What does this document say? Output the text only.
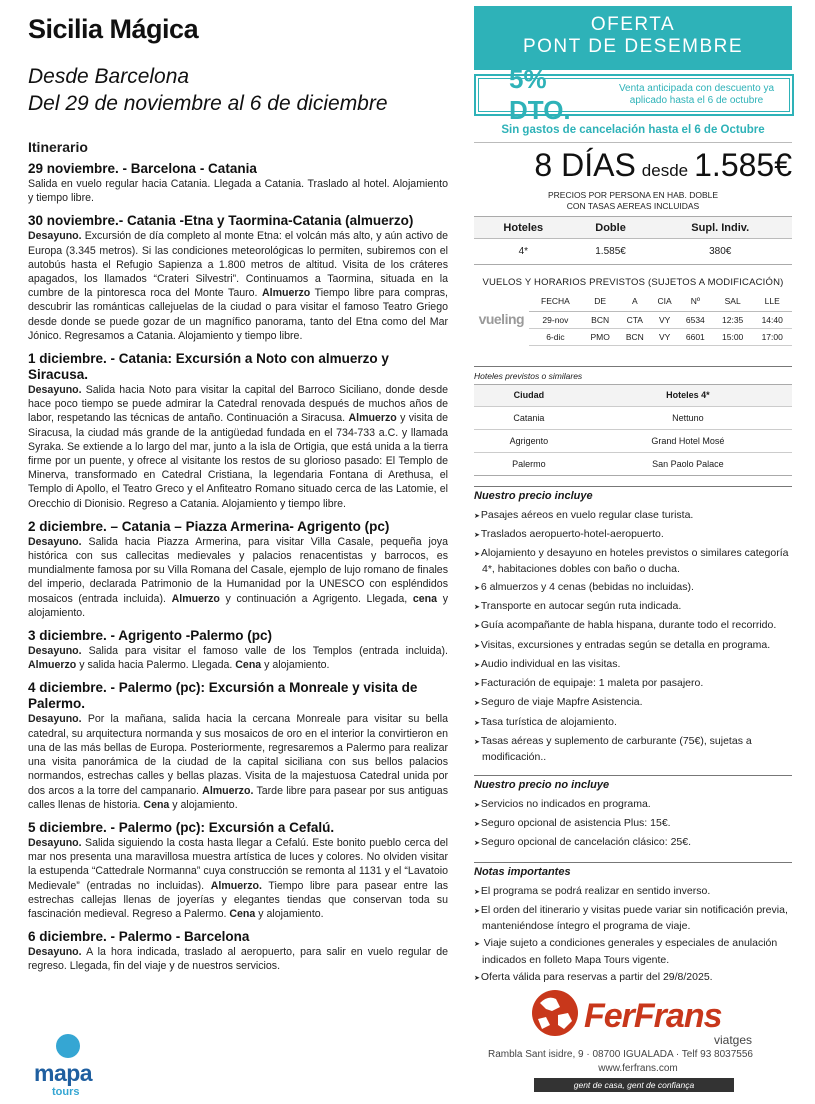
Sicilia Mágica
Desde Barcelona
Del 29 de noviembre al 6 de diciembre
Itinerario
29 noviembre. - Barcelona - Catania
Salida en vuelo regular hacia Catania. Llegada a Catania. Traslado al hotel. Alojamiento y tiempo libre.
30 noviembre.- Catania -Etna y Taormina-Catania (almuerzo)
Desayuno. Excursión de día completo al monte Etna: el volcán más alto, y aún activo de Europa (3.345 metros). Si las condiciones meteorológicas lo permiten, subiremos con el autobús hasta el Refugio Sapienza a 1.800 metros de altitud. Visita de los cráteres apagados, los llamados “Crateri Silvestri”. Continuamos a Taormina, situada en la cumbre de la pintoresca roca del Monte Tauro. Almuerzo Tiempo libre para compras, descubrir las románticas callejuelas de la ciudad o para visitar el famoso Teatro Griego desde donde se puede gozar de un magnífico panorama, tanto del Etna como del Mar Jónico. Regresamos a Catania. Alojamiento y tiempo libre.
1 diciembre. - Catania: Excursión a Noto con almuerzo y Siracusa.
Desayuno. Salida hacia Noto para visitar la capital del Barroco Siciliano, donde desde hace poco tiempo se puede admirar la Catedral renovada después de muchos años de labor, respetando las técnicas de antaño. Continuación a Siracusa. Almuerzo y visita de Siracusa, la ciudad más grande de la antigüedad fundada en el 734-733 a.C. y llamada Syraka. Se extiende a lo largo del mar, junto a la isla de Ortigia, que está unida a la tierra firme por un puente, y ofrece al visitante los restos de su glorioso pasado: El Templo de Minerva, transformado en Catedral Cristiana, la legendaria Fontana di Arethusa, el Templo di Apollo, el Teatro Greco y el Anfiteatro Romano situado cerca de las Latomie, el Orecchio di Dionisio. Regreso a Catania. Alojamiento y tiempo libre.
2 diciembre. – Catania – Piazza Armerina- Agrigento (pc)
Desayuno. Salida hacia Piazza Armerina, para visitar Villa Casale, pequeña joya histórica con sus callecitas medievales y palacios renacentistas y barrocos, es mundialmente famosa por su Villa Romana del Casale, ejemplo de lujo romano de finales del imperio, declarada Patrimonio de la Humanidad por la UNESCO con espléndidos mosaicos (entrada incluida). Almuerzo y continuación a Agrigento. Llegada, cena y alojamiento.
3 diciembre. - Agrigento -Palermo (pc)
Desayuno. Salida para visitar el famoso valle de los Templos (entrada incluida). Almuerzo y salida hacia Palermo. Llegada. Cena y alojamiento.
4 diciembre. - Palermo (pc): Excursión a Monreale y visita de Palermo.
Desayuno. Por la mañana, salida hacia la cercana Monreale para visitar su bella catedral, su arquitectura normanda y sus mosaicos de oro en el interior la convirtieron en una de las más bellas de Europa. Posteriormente, regresaremos a Palermo para realizar una visita panorámica de la ciudad de la capital siciliana con sus bellos palacios normandos, estrechas calles y bellas plazas. Visita de la majestuosa Catedral unida por dos arcos a la torre del campanario. Almuerzo. Tarde libre para pasear por sus antiguas calles llenas de historia. Cena y alojamiento.
5 diciembre. - Palermo (pc): Excursión a Cefalú.
Desayuno. Salida siguiendo la costa hasta llegar a Cefalú. Este bonito pueblo cerca del mar nos presenta una maravillosa muestra artística de luces y colores. No olviden visitar la estupenda “Cattedrale Normanna” cuya construcción se remonta al 1131 y el “Lavatoio Medievale” (entradas no incluidas). Almuerzo. Tiempo libre para pasear entre las estrechas callejas llenas de joyerías y elegantes tiendas que conservan toda su fascinación medieval. Regreso a Palermo. Cena y alojamiento.
6 diciembre. - Palermo - Barcelona
Desayuno. A la hora indicada, traslado al aeropuerto, para salir en vuelo regular de regreso. Llegada, fin del viaje y de nuestros servicios.
mapa
tours
OFERTA
PONT DE DESEMBRE
5% DTO.
Venta anticipada con descuento ya aplicado hasta el 6 de octubre
Sin gastos de cancelación hasta el 6 de Octubre
8 DÍAS desde 1.585€
PRECIOS POR PERSONA EN HAB. DOBLE
CON TASAS AEREAS INCLUIDAS
Hoteles	Doble	Supl. Indiv.
4*	1.585€	380€
VUELOS Y HORARIOS PREVISTOS (SUJETOS A MODIFICACIÓN)
vueling
FECHA	DE	A	CIA	Nº	SAL	LLE
29-nov	BCN	CTA	VY	6534	12:35	14:40
6-dic	PMO	BCN	VY	6601	15:00	17:00
Hoteles previstos o similares
Ciudad	Hoteles 4*
Catania	Nettuno
Agrigento	Grand Hotel Mosé
Palermo	San Paolo Palace
Nuestro precio incluye
➤ Pasajes aéreos en vuelo regular clase turista.
➤ Traslados aeropuerto-hotel-aeropuerto.
➤ Alojamiento y desayuno en hoteles previstos o similares categoría 4*, habitaciones dobles con baño o ducha.
➤ 6 almuerzos y 4 cenas (bebidas no incluidas).
➤ Transporte en autocar según ruta indicada.
➤ Guía acompañante de habla hispana, durante todo el recorrido.
➤ Visitas, excursiones y entradas según se detalla en programa.
➤ Audio individual en las visitas.
➤ Facturación de equipaje: 1 maleta por pasajero.
➤ Seguro de viaje Mapfre Asistencia.
➤ Tasa turística de alojamiento.
➤ Tasas aéreas y suplemento de carburante (75€), sujetas a modificación..
Nuestro precio no incluye
➤ Servicios no indicados en programa.
➤ Seguro opcional de asistencia Plus: 15€.
➤ Seguro opcional de cancelación clásico: 25€.
Notas importantes
➤ El programa se podrá realizar en sentido inverso.
➤ El orden del itinerario y visitas puede variar sin notificación previa, manteniéndose íntegro el programa de viaje.
➤ Viaje sujeto a condiciones generales y especiales de anulación indicados en folleto Mapa Tours vigente.
➤ Oferta válida para reservas a partir del 29/8/2025.
FerFrans
viatges
Rambla Sant isidre, 9 · 08700 IGUALADA · Telf 93 8037556
www.ferfrans.com
gent de casa, gent de confiança
